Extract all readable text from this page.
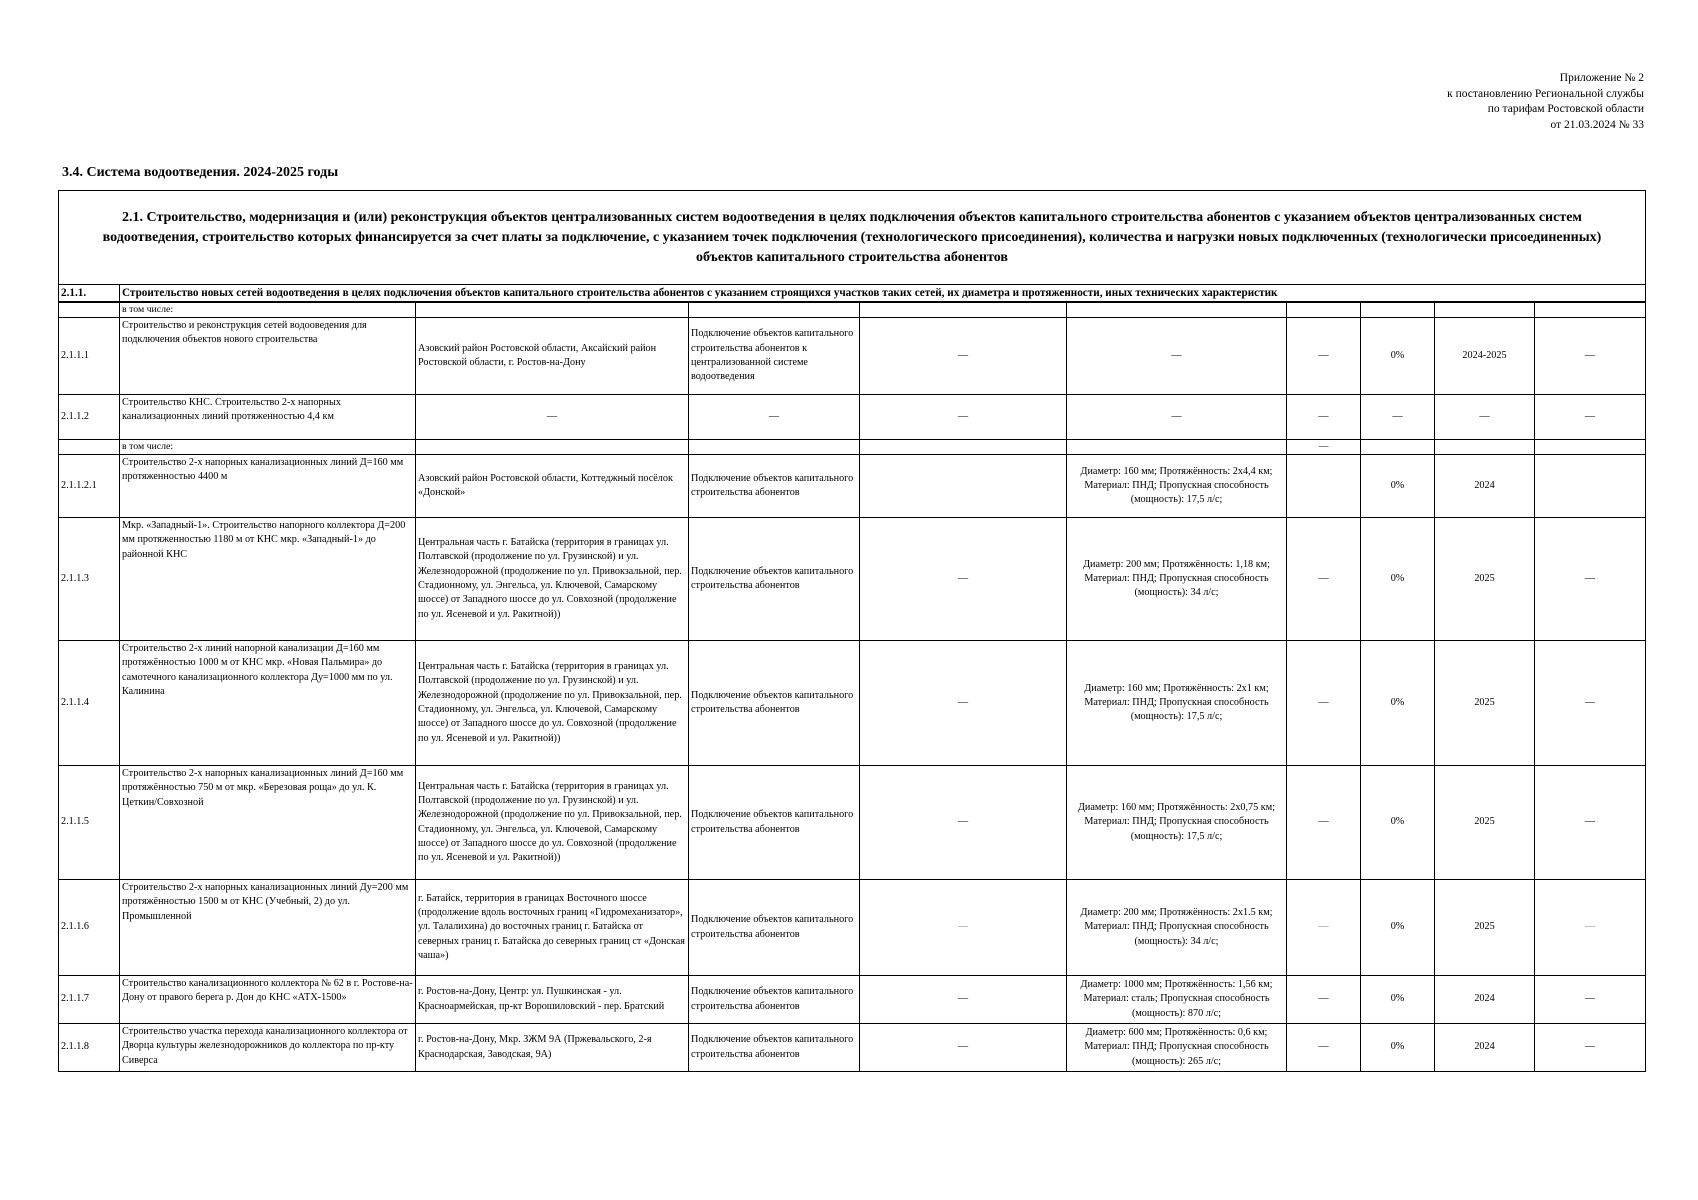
Приложение № 2
к постановлению Региональной службы
по тарифам Ростовской области
от 21.03.2024 № 33
3.4. Система водоотведения. 2024-2025 годы
2.1. Строительство, модернизация и (или) реконструкция объектов централизованных систем водоотведения в целях подключения объектов капитального строительства абонентов с указанием объектов централизованных систем водоотведения, строительство которых финансируется за счет платы за подключение, с указанием точек подключения (технологического присоединения), количества и нагрузки новых подключенных (технологически присоединенных) объектов капитального строительства абонентов									
2.1.1.	Строительство новых сетей водоотведения в целях подключения объектов капитального строительства абонентов с указанием строящихся участков таких сетей, их диаметра и протяженности, иных технических характеристик								
	в том числе:								
2.1.1.1	Строительство и реконструкция сетей водооведения для подключения объектов нового строительства	Азовский район Ростовской области, Аксайский район Ростовской области, г. Ростов-на-Дону	Подключение объектов капитального строительства абонентов к централизованной системе водоотведения	—	—	—	0%	2024-2025	—
2.1.1.2	Строительство КНС. Строительство 2-х напорных канализационных линий протяженностью 4,4 км	—	—	—	—	—	—	—	—
	в том числе:					—			
2.1.1.2.1	Строительство 2-х напорных канализационных линий Д=160 мм протяженностью 4400 м	Азовский район Ростовской области, Коттеджный посёлок «Донской»	Подключение объектов капитального строительства абонентов		Диаметр: 160 мм; Протяжённость: 2х4,4 км; Материал: ПНД; Пропускная способность (мощность): 17,5 л/с;		0%	2024	
2.1.1.3	Мкр. «Западный-1». Строительство напорного коллектора Д=200 мм протяженностью 1180 м от КНС мкр. «Западный-1» до районной КНС	Центральная часть г. Батайска (территория в границах ул. Полтавской (продолжение по ул. Грузинской) и ул. Железнодорожной (продолжение по ул. Привокзальной, пер. Стадионному, ул. Энгельса, ул. Ключевой, Самарскому шоссе) от Западного шоссе до ул. Совхозной (продолжение по ул. Ясеневой и ул. Ракитной))	Подключение объектов капитального строительства абонентов	—	Диаметр: 200 мм; Протяжённость: 1,18 км; Материал: ПНД; Пропускная способность (мощность): 34 л/с;	—	0%	2025	—
2.1.1.4	Строительство 2-х линий напорной канализации Д=160 мм протяжённостью 1000 м от КНС мкр. «Новая Пальмира» до самотечного канализационного коллектора Ду=1000 мм по ул. Калинина	Центральная часть г. Батайска (территория в границах ул. Полтавской (продолжение по ул. Грузинской) и ул. Железнодорожной (продолжение по ул. Привокзальной, пер. Стадионному, ул. Энгельса, ул. Ключевой, Самарскому шоссе) от Западного шоссе до ул. Совхозной (продолжение по ул. Ясеневой и ул. Ракитной))	Подключение объектов капитального строительства абонентов	—	Диаметр: 160 мм; Протяжённость: 2х1 км; Материал: ПНД; Пропускная способность (мощность): 17,5 л/с;	—	0%	2025	—
2.1.1.5	Строительство 2-х напорных канализационных линий Д=160 мм протяжённостью 750 м от мкр. «Березовая роща» до ул. К. Цеткин/Совхозной	Центральная часть г. Батайска (территория в границах ул. Полтавской (продолжение по ул. Грузинской) и ул. Железнодорожной (продолжение по ул. Привокзальной, пер. Стадионному, ул. Энгельса, ул. Ключевой, Самарскому шоссе) от Западного шоссе до ул. Совхозной (продолжение по ул. Ясеневой и ул. Ракитной))	Подключение объектов капитального строительства абонентов	—	Диаметр: 160 мм; Протяжённость: 2х0,75 км; Материал: ПНД; Пропускная способность (мощность): 17,5 л/с;	—	0%	2025	—
2.1.1.6	Строительство 2-х напорных канализационных линий Ду=200 мм протяжённостью 1500 м от КНС (Учебный, 2) до ул. Промышленной	г. Батайск, территория в границах Восточного шоссе (продолжение вдоль восточных границ «Гидромеханизатор», ул. Талалихина) до восточных границ г. Батайска от северных границ г. Батайска до северных границ ст «Донская чаша»)	Подключение объектов капитального строительства абонентов	—	Диаметр: 200 мм; Протяжённость: 2х1.5 км; Материал: ПНД; Пропускная способность (мощность): 34 л/с;	—	0%	2025	—
2.1.1.7	Строительство канализационного коллектора № 62 в г. Ростове-на-Дону от правого берега р. Дон до КНС «АТХ-1500»	г. Ростов-на-Дону, Центр: ул. Пушкинская - ул. Красноармейская, пр-кт Ворошиловский - пер. Братский	Подключение объектов капитального строительства абонентов	—	Диаметр: 1000 мм; Протяжённость: 1,56 км; Материал: сталь; Пропускная способность (мощность): 870 л/с;	—	0%	2024	—
2.1.1.8	Строительство участка перехода канализационного коллектора от Дворца культуры железнодорожников до коллектора по пр-кту Сиверса	г. Ростов-на-Дону, Мкр. ЗЖМ 9А (Пржевальского, 2-я Краснодарская, Заводская, 9А)	Подключение объектов капитального строительства абонентов	—	Диаметр: 600 мм; Протяжённость: 0,6 км; Материал: ПНД; Пропускная способность (мощность): 265 л/с;	—	0%	2024	—
